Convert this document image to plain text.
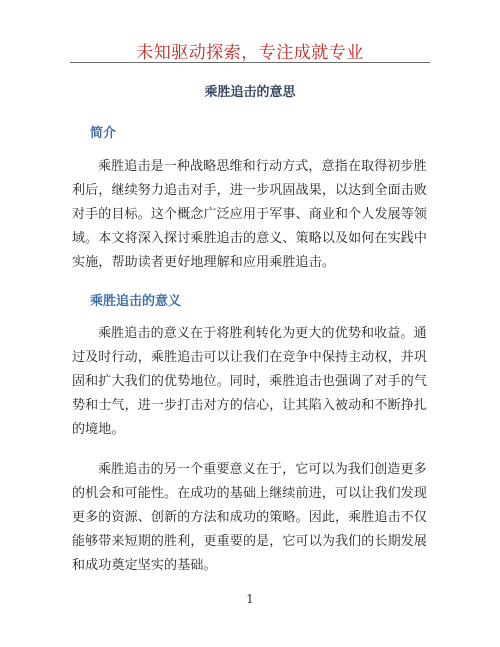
未知驱动探索，专注成就专业
乘胜追击的意思
简介

乘胜追击是一种战略思维和行动方式，意指在取得初步胜利后，继续努力追击对手，进一步巩固战果，以达到全面击败对手的目标。这个概念广泛应用于军事、商业和个人发展等领域。本文将深入探讨乘胜追击的意义、策略以及如何在实践中实施，帮助读者更好地理解和应用乘胜追击。

乘胜追击的意义

乘胜追击的意义在于将胜利转化为更大的优势和收益。通过及时行动，乘胜追击可以让我们在竞争中保持主动权，并巩固和扩大我们的优势地位。同时，乘胜追击也强调了对手的气势和士气，进一步打击对方的信心，让其陷入被动和不断挣扎的境地。

乘胜追击的另一个重要意义在于，它可以为我们创造更多的机会和可能性。在成功的基础上继续前进，可以让我们发现更多的资源、创新的方法和成功的策略。因此，乘胜追击不仅能够带来短期的胜利，更重要的是，它可以为我们的长期发展和成功奠定坚实的基础。

1
